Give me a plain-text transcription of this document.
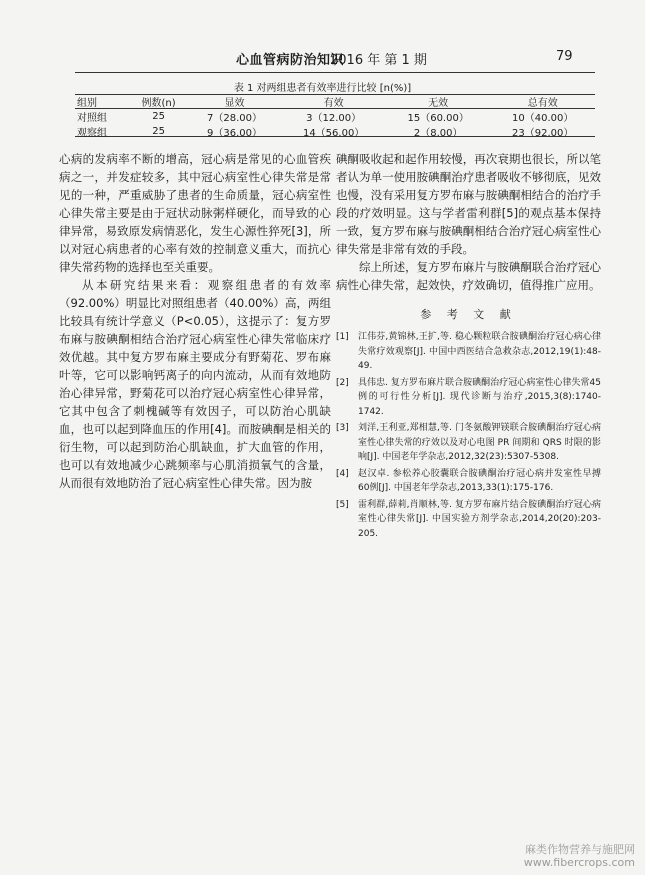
心血管病防治知识
2016 年 第 1 期	79
表 1 对两组患者有效率进行比较 [n(%)]
组别	例数(n)	显效	有效	无效	总有效
对照组	25	7（28.00）	3（12.00）	15（60.00）	10（40.00）
观察组	25	9（36.00）	14（56.00）	2（8.00）	23（92.00）

心病的发病率不断的增高，冠心病是常见的心血管疾病之一，并发症较多，其中冠心病室性心律失常是常见的一种，严重威胁了患者的生命质量，冠心病室性心律失常主要是由于冠状动脉粥样硬化，而导致的心律异常，易致原发病情恶化，发生心源性猝死[3]，所以对冠心病患者的心率有效的控制意义重大，而抗心律失常药物的选择也至关重要。

从本研究结果来看：观察组患者的有效率（92.00%）明显比对照组患者（40.00%）高，两组比较具有统计学意义（P<0.05），这提示了：复方罗布麻与胺碘酮相结合治疗冠心病室性心律失常临床疗效优越。其中复方罗布麻主要成分有野菊花、罗布麻叶等，它可以影响钙离子的向内流动，从而有效地防治心律异常，野菊花可以治疗冠心病室性心律异常，它其中包含了刺槐碱等有效因子，可以防治心肌缺血，也可以起到降血压的作用[4]。而胺碘酮是相关的衍生物，可以起到防治心肌缺血，扩大血管的作用，也可以有效地减少心跳频率与心肌消损氧气的含量，从而很有效地防治了冠心病室性心律失常。因为胺

碘酮吸收起和起作用较慢，再次衰期也很长，所以笔者认为单一使用胺碘酮治疗患者吸收不够彻底，见效也慢，没有采用复方罗布麻与胺碘酮相结合的治疗手段的疗效明显。这与学者雷利群[5]的观点基本保持一致，复方罗布麻与胺碘酮相结合治疗冠心病室性心律失常是非常有效的手段。

综上所述，复方罗布麻片与胺碘酮联合治疗冠心病性心律失常，起效快，疗效确切，值得推广应用。

参 考 文 献
[1]	江伟芬,黄锦林,王扩,等. 稳心颗粒联合胺碘酮治疗冠心病心律失常疗效观察[J]. 中国中西医结合急救杂志,2012,19(1):48-49.
[2]	具伟忠. 复方罗布麻片联合胺碘酮治疗冠心病室性心律失常45 例的可行性分析[J]. 现代诊断与治疗,2015,3(8):1740-1742.
[3]	刘洋,王利亚,郑相慧,等. 门冬氨酸钾镁联合胺碘酮治疗冠心病室性心律失常的疗效以及对心电图 PR 间期和 QRS 时限的影响[J]. 中国老年学杂志,2012,32(23):5307-5308.
[4]	赵汉卓. 参松养心胶囊联合胺碘酮治疗冠心病并发室性早搏 60例[J]. 中国老年学杂志,2013,33(1):175-176.
[5]	雷利群,薛莉,肖顺林,等. 复方罗布麻片结合胺碘酮治疗冠心病室性心律失常[J]. 中国实验方剂学杂志,2014,20(20):203-205.
麻类作物营养与施肥网
www.fibercrops.com
